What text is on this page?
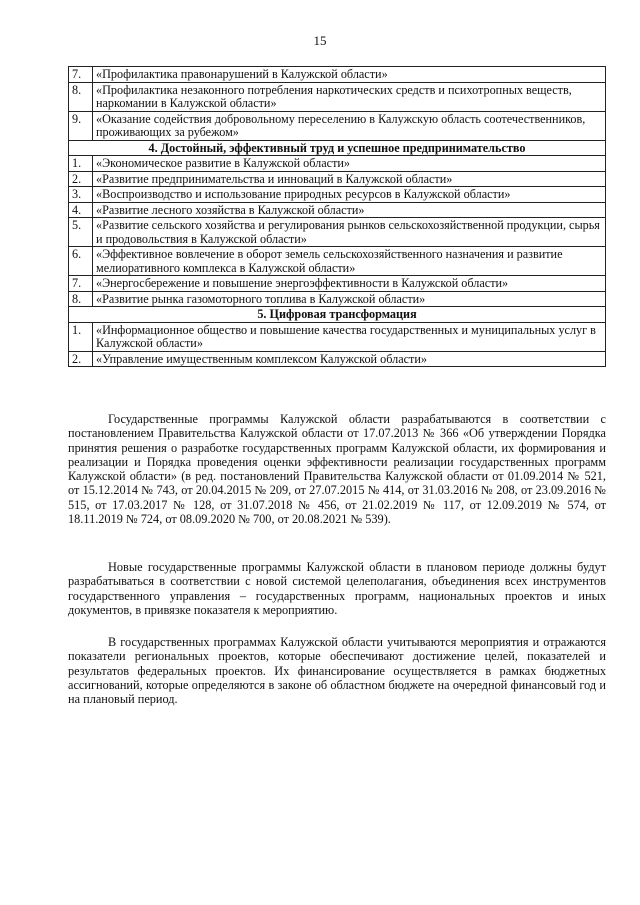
15
7.	«Профилактика правонарушений в Калужской области»
8.	«Профилактика незаконного потребления наркотических средств и психотропных веществ, наркомании в Калужской области»
9.	«Оказание содействия добровольному переселению в Калужскую область соотечественников, проживающих за рубежом»
4. Достойный, эффективный труд и успешное предпринимательство	
1.	«Экономическое развитие в Калужской области»
2.	«Развитие предпринимательства и инноваций в Калужской области»
3.	«Воспроизводство и использование природных ресурсов в Калужской области»
4.	«Развитие лесного хозяйства в Калужской области»
5.	«Развитие сельского хозяйства и регулирования рынков сельскохозяйственной продукции, сырья и продовольствия в Калужской области»
6.	«Эффективное вовлечение в оборот земель сельскохозяйственного назначения и развитие мелиоративного комплекса в Калужской области»
7.	«Энергосбережение и повышение энергоэффективности в Калужской области»
8.	«Развитие рынка газомоторного топлива в Калужской области»
5. Цифровая трансформация	
1.	«Информационное общество и повышение качества государственных и муниципальных услуг в Калужской области»
2.	«Управление имущественным комплексом Калужской области»

Государственные программы Калужской области разрабатываются в соответствии с постановлением Правительства Калужской области от 17.07.2013 № 366 «Об утверждении Порядка принятия решения о разработке государственных программ Калужской области, их формирования и реализации и Порядка проведения оценки эффективности реализации государственных программ Калужской области» (в ред. постановлений Правительства Калужской области от 01.09.2014 № 521, от 15.12.2014 № 743, от 20.04.2015 № 209, от 27.07.2015 № 414, от 31.03.2016 № 208, от 23.09.2016 № 515, от 17.03.2017 № 128, от 31.07.2018 № 456, от 21.02.2019 № 117, от 12.09.2019 № 574, от 18.11.2019 № 724, от 08.09.2020 № 700, от 20.08.2021 № 539).

Новые государственные программы Калужской области в плановом периоде должны будут разрабатываться в соответствии с новой системой целеполагания, объединения всех инструментов государственного управления – государственных программ, национальных проектов и иных документов, в привязке показателя к мероприятию.

В государственных программах Калужской области учитываются мероприятия и отражаются показатели региональных проектов, которые обеспечивают достижение целей, показателей и результатов федеральных проектов. Их финансирование осуществляется в рамках бюджетных ассигнований, которые определяются в законе об областном бюджете на очередной финансовый год и на плановый период.
